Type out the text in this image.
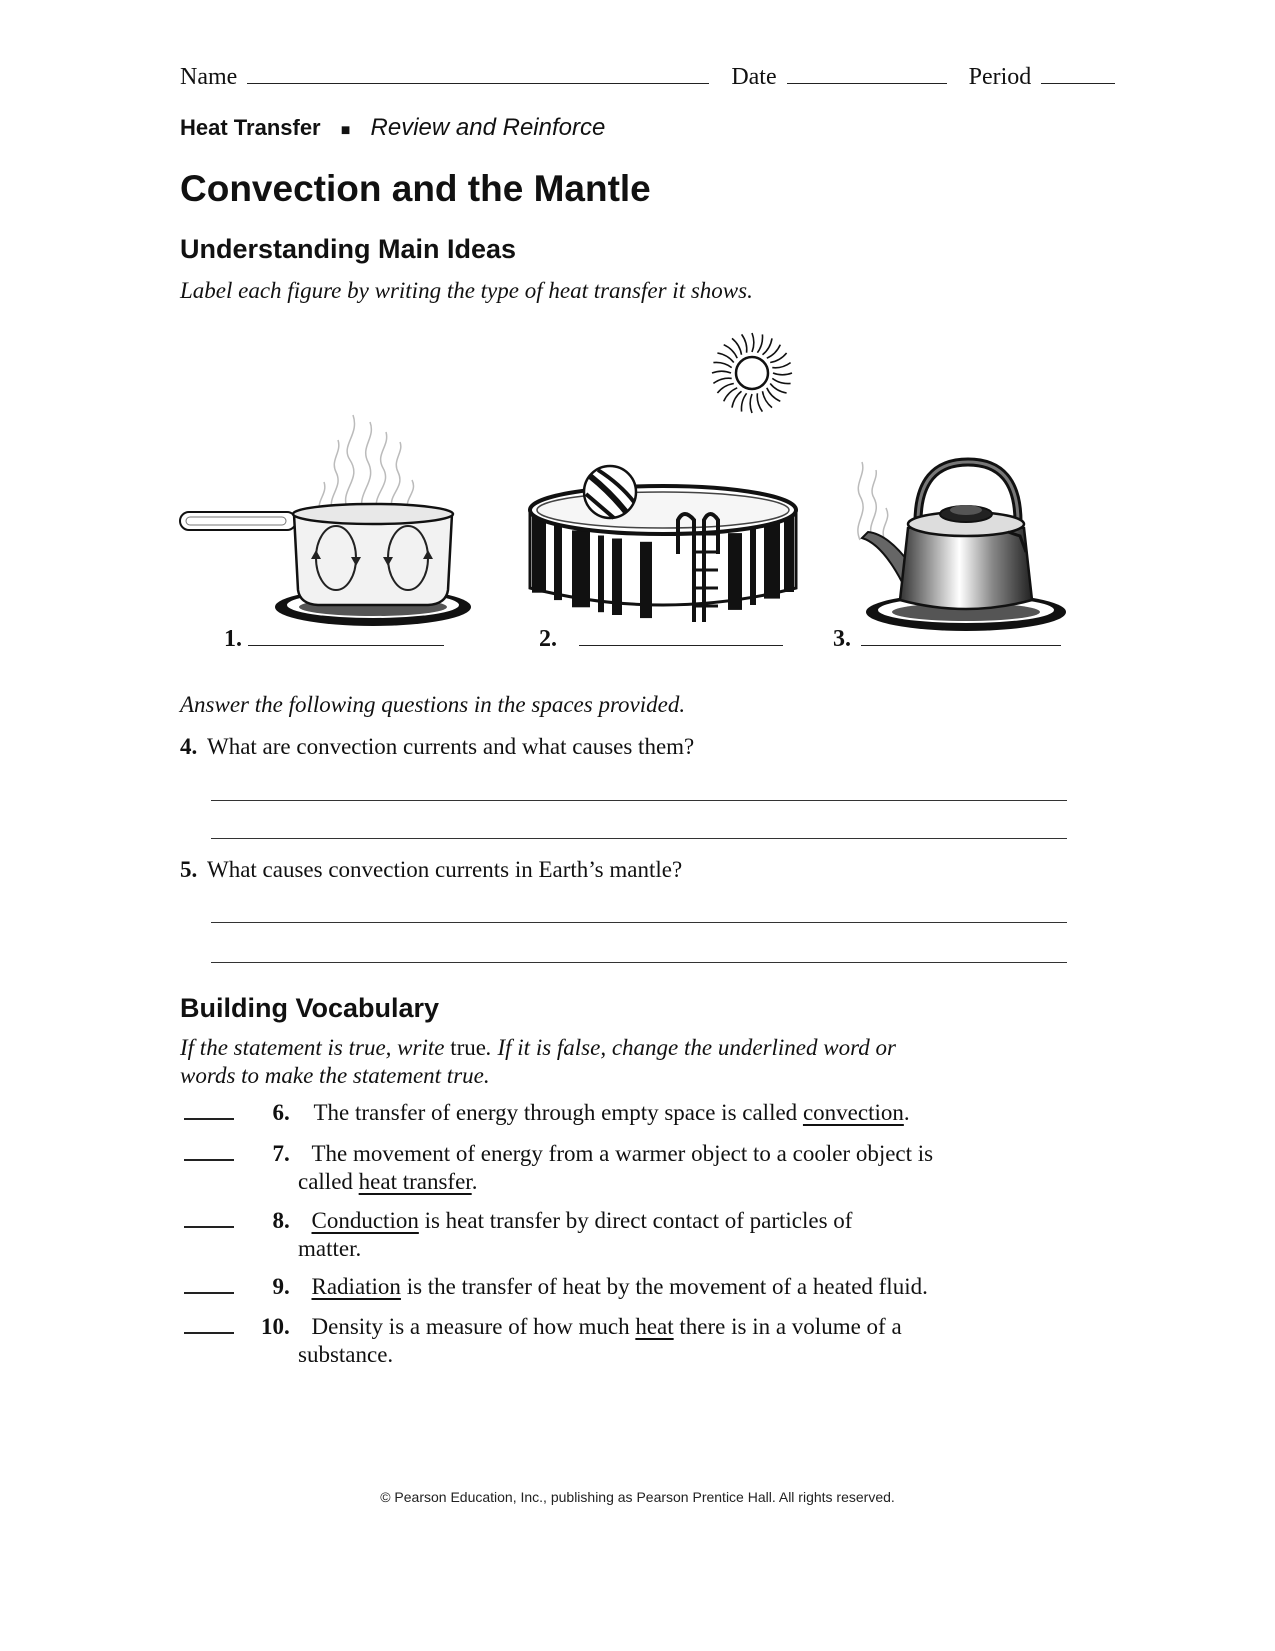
Name	Date	Period
Heat Transfer ■ Review and Reinforce
Convection and the Mantle
Understanding Main Ideas
Label each figure by writing the type of heat transfer it shows.
1.	2.	3.
Answer the following questions in the spaces provided.
4. What are convection currents and what causes them?
5. What causes convection currents in Earth’s mantle?
Building Vocabulary
If the statement is true, write true. If it is false, change the underlined word or
words to make the statement true.
6. The transfer of energy through empty space is called convection.
7. The movement of energy from a warmer object to a cooler object is
called heat transfer.
8. Conduction is heat transfer by direct contact of particles of
matter.
9. Radiation is the transfer of heat by the movement of a heated fluid.
10. Density is a measure of how much heat there is in a volume of a
substance.
© Pearson Education, Inc., publishing as Pearson Prentice Hall. All rights reserved.
